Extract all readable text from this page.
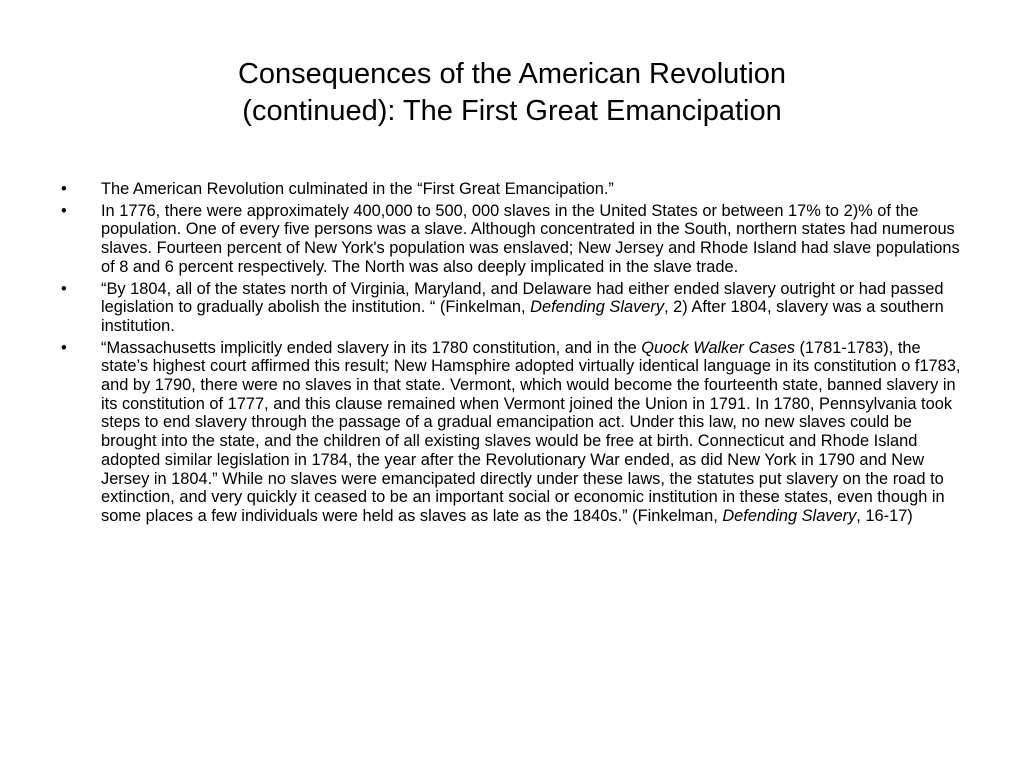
Consequences of the American Revolution
(continued): The First Great Emancipation
• The American Revolution culminated in the “First Great Emancipation.”
• In 1776, there were approximately 400,000 to 500, 000 slaves in the United States or between 17% to 2)% of the population. One of every five persons was a slave. Although concentrated in the South, northern states had numerous slaves. Fourteen percent of New York's population was enslaved; New Jersey and Rhode Island had slave populations of 8 and 6 percent respectively. The North was also deeply implicated in the slave trade.
• “By 1804, all of the states north of Virginia, Maryland, and Delaware had either ended slavery outright or had passed legislation to gradually abolish the institution. “ (Finkelman, Defending Slavery, 2) After 1804, slavery was a southern institution.
• “Massachusetts implicitly ended slavery in its 1780 constitution, and in the Quock Walker Cases (1781-1783), the state’s highest court affirmed this result; New Hamsphire adopted virtually identical language in its constitution o f1783, and by 1790, there were no slaves in that state. Vermont, which would become the fourteenth state, banned slavery in its constitution of 1777, and this clause remained when Vermont joined the Union in 1791. In 1780, Pennsylvania took steps to end slavery through the passage of a gradual emancipation act. Under this law, no new slaves could be brought into the state, and the children of all existing slaves would be free at birth. Connecticut and Rhode Island adopted similar legislation in 1784, the year after the Revolutionary War ended, as did New York in 1790 and New Jersey in 1804.” While no slaves were emancipated directly under these laws, the statutes put slavery on the road to extinction, and very quickly it ceased to be an important social or economic institution in these states, even though in some places a few individuals were held as slaves as late as the 1840s.” (Finkelman, Defending Slavery, 16-17)
